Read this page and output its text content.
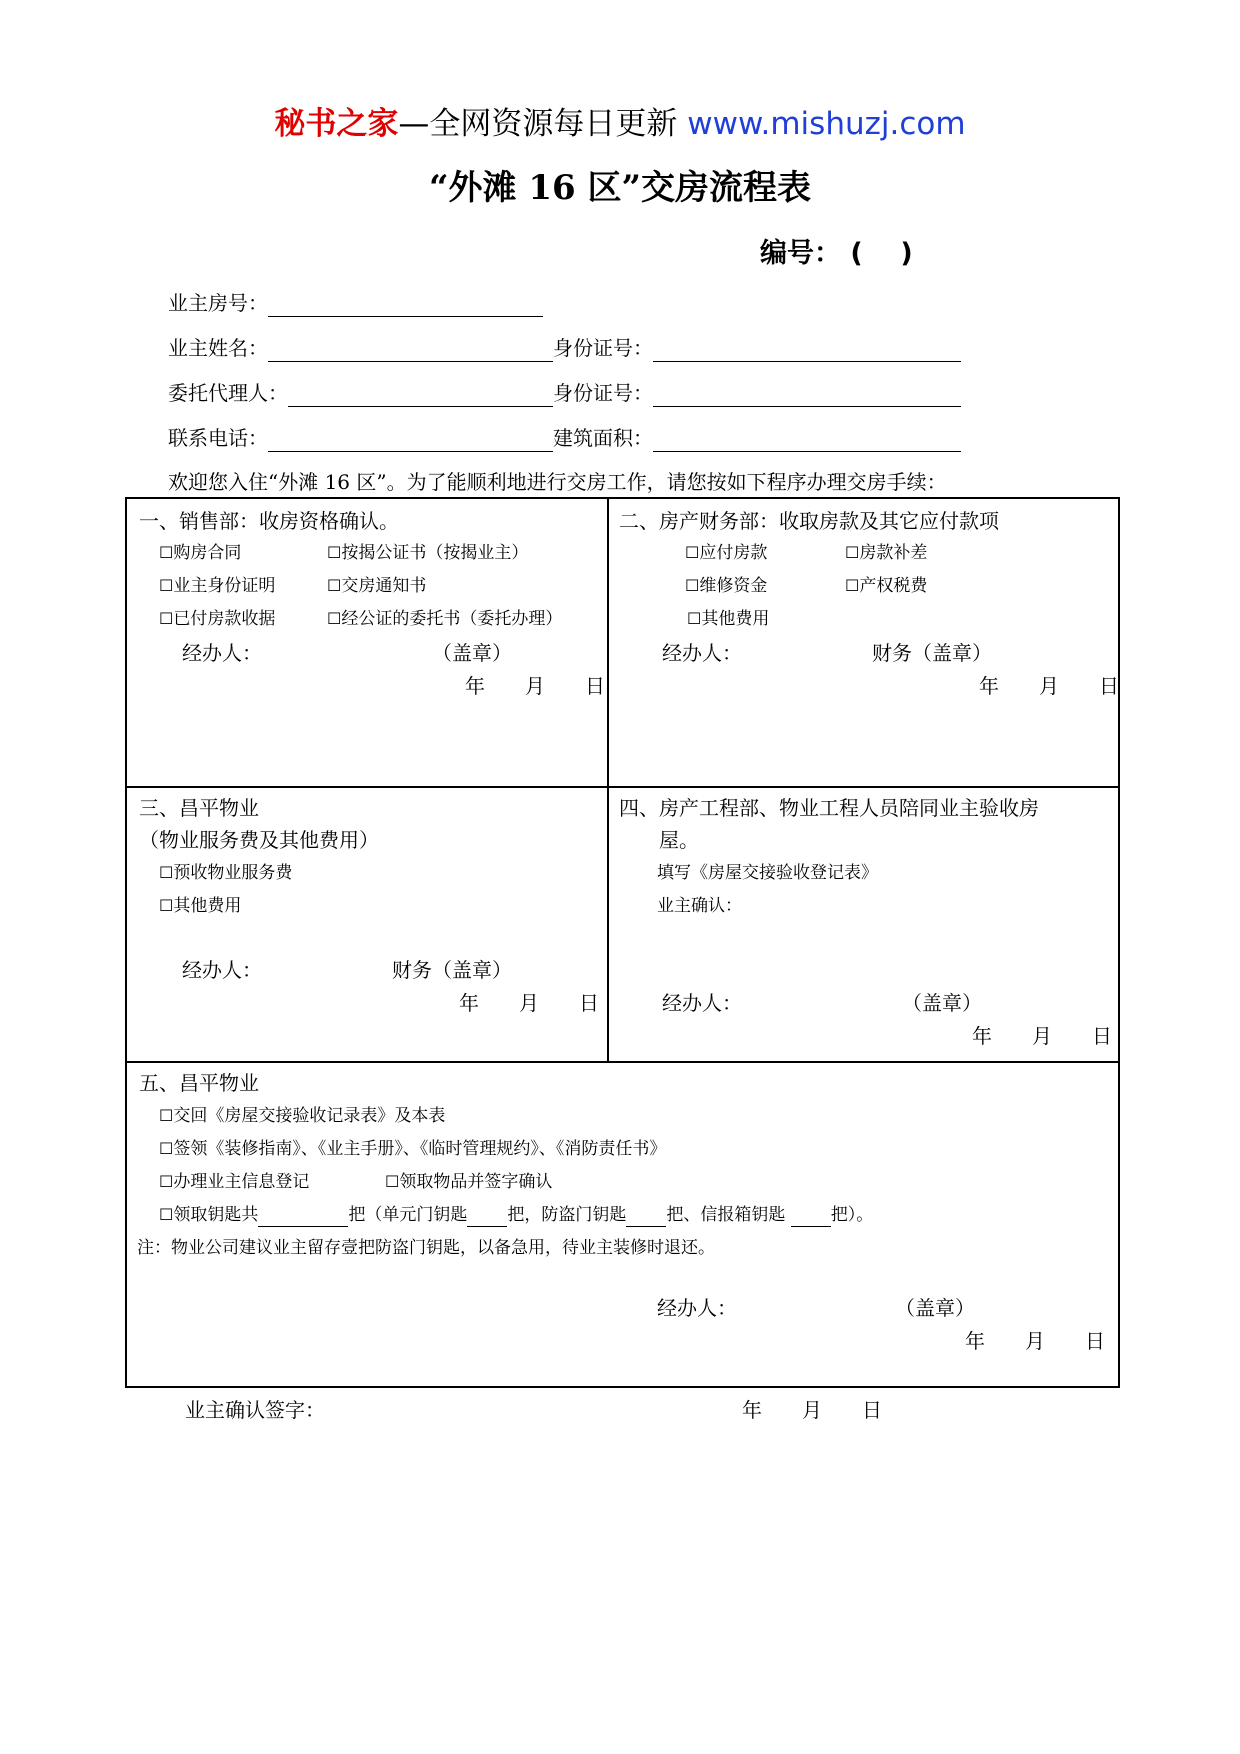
秘书之家—全网资源每日更新 www.mishuzj.com
“外滩 16 区”交房流程表
编号： (    )
业主房号：
业主姓名：	身份证号：
委托代理人：	身份证号：
联系电话：	建筑面积：
欢迎您入住“外滩 16 区”。为了能顺利地进行交房工作，请您按如下程序办理交房手续：
一、销售部：收房资格确认。
☐购房合同	☐按揭公证书（按揭业主）
☐业主身份证明	☐交房通知书
☐已付房款收据	☐经公证的委托书（委托办理）
经办人：	（盖章）
年　　月　　日
二、房产财务部：收取房款及其它应付款项
☐应付房款	☐房款补差
☐维修资金	☐产权税费
☐其他费用
经办人：	财务（盖章）
年　　月　　日
三、昌平物业
（物业服务费及其他费用）
☐预收物业服务费
☐其他费用
经办人：	财务（盖章）
年　　月　　日
四、房产工程部、物业工程人员陪同业主验收房
屋。
填写《房屋交接验收登记表》
业主确认：
经办人：	（盖章）
年　　月　　日
五、昌平物业
☐交回《房屋交接验收记录表》及本表
☐签领《装修指南》、《业主手册》、《临时管理规约》、《消防责任书》
☐办理业主信息登记	☐领取物品并签字确认
☐领取钥匙共	把（单元门钥匙 把，防盗门钥匙 把、信报箱钥匙 把）。
注：物业公司建议业主留存壹把防盗门钥匙，以备急用，待业主装修时退还。
经办人：	（盖章）
年　　月　　日
业主确认签字：	年　　月　　日
